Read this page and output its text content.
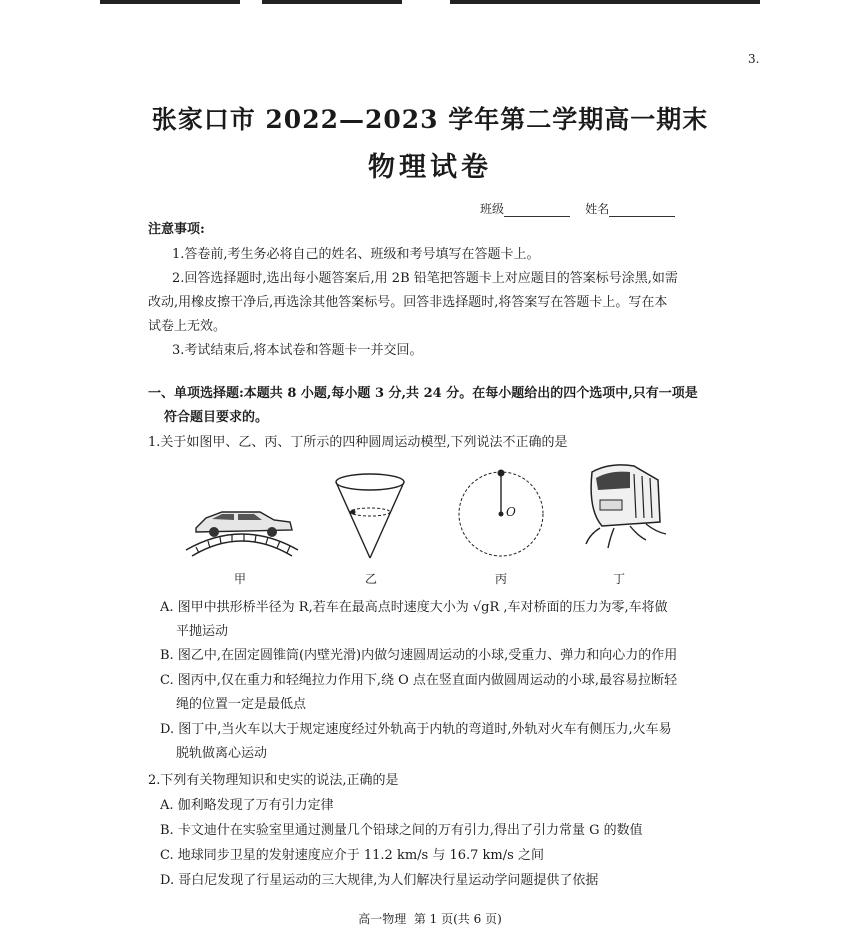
3.
张家口市 2022—2023 学年第二学期高一期末
物理试卷
班级	姓名
注意事项:
1.答卷前,考生务必将自己的姓名、班级和考号填写在答题卡上。
2.回答选择题时,选出每小题答案后,用 2B 铅笔把答题卡上对应题目的答案标号涂黑,如需
改动,用橡皮擦干净后,再选涂其他答案标号。回答非选择题时,将答案写在答题卡上。写在本
试卷上无效。
3.考试结束后,将本试卷和答题卡一并交回。
一、单项选择题:本题共 8 小题,每小题 3 分,共 24 分。在每小题给出的四个选项中,只有一项是
符合题目要求的。
1.关于如图甲、乙、丙、丁所示的四种圆周运动模型,下列说法不正确的是
O
甲	乙	丙	丁
A. 图甲中拱形桥半径为 R,若车在最高点时速度大小为 √gR ,车对桥面的压力为零,车将做
平抛运动
B. 图乙中,在固定圆锥筒(内壁光滑)内做匀速圆周运动的小球,受重力、弹力和向心力的作用
C. 图丙中,仅在重力和轻绳拉力作用下,绕 O 点在竖直面内做圆周运动的小球,最容易拉断轻
绳的位置一定是最低点
D. 图丁中,当火车以大于规定速度经过外轨高于内轨的弯道时,外轨对火车有侧压力,火车易
脱轨做离心运动
2.下列有关物理知识和史实的说法,正确的是
A. 伽利略发现了万有引力定律
B. 卡文迪什在实验室里通过测量几个铅球之间的万有引力,得出了引力常量 G 的数值
C. 地球同步卫星的发射速度应介于 11.2 km/s 与 16.7 km/s 之间
D. 哥白尼发现了行星运动的三大规律,为人们解决行星运动学问题提供了依据
高一物理  第 1 页(共 6 页)
